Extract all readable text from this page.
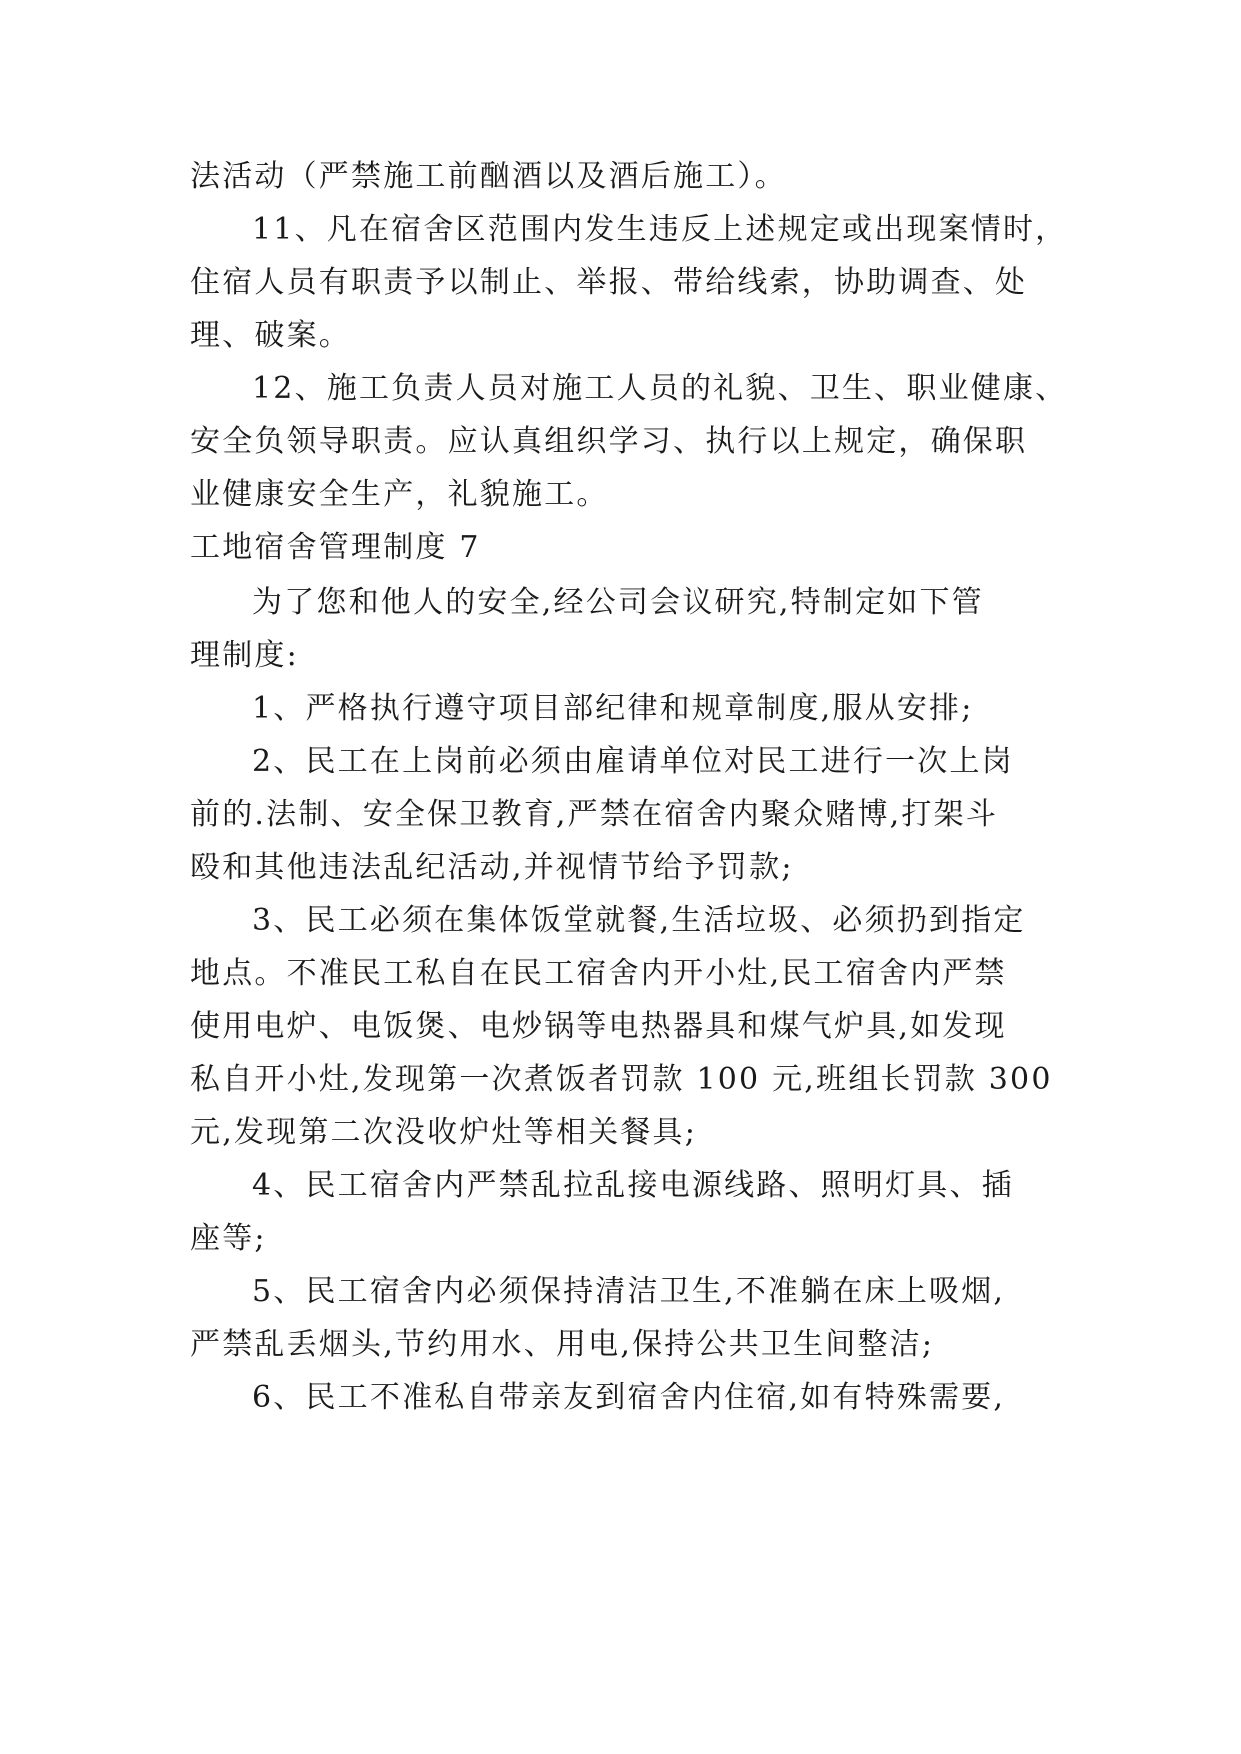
法活动（严禁施工前酗酒以及酒后施工）。
11、凡在宿舍区范围内发生违反上述规定或出现案情时，
住宿人员有职责予以制止、举报、带给线索，协助调查、处
理、破案。
12、施工负责人员对施工人员的礼貌、卫生、职业健康、
安全负领导职责。应认真组织学习、执行以上规定，确保职
业健康安全生产，礼貌施工。
工地宿舍管理制度 7
为了您和他人的安全,经公司会议研究,特制定如下管
理制度:
1、严格执行遵守项目部纪律和规章制度,服从安排;
2、民工在上岗前必须由雇请单位对民工进行一次上岗
前的.法制、安全保卫教育,严禁在宿舍内聚众赌博,打架斗
殴和其他违法乱纪活动,并视情节给予罚款;
3、民工必须在集体饭堂就餐,生活垃圾、必须扔到指定
地点。不准民工私自在民工宿舍内开小灶,民工宿舍内严禁
使用电炉、电饭煲、电炒锅等电热器具和煤气炉具,如发现
私自开小灶,发现第一次煮饭者罚款 100 元,班组长罚款 300
元,发现第二次没收炉灶等相关餐具;
4、民工宿舍内严禁乱拉乱接电源线路、照明灯具、插
座等;
5、民工宿舍内必须保持清洁卫生,不准躺在床上吸烟,
严禁乱丢烟头,节约用水、用电,保持公共卫生间整洁;
6、民工不准私自带亲友到宿舍内住宿,如有特殊需要,
